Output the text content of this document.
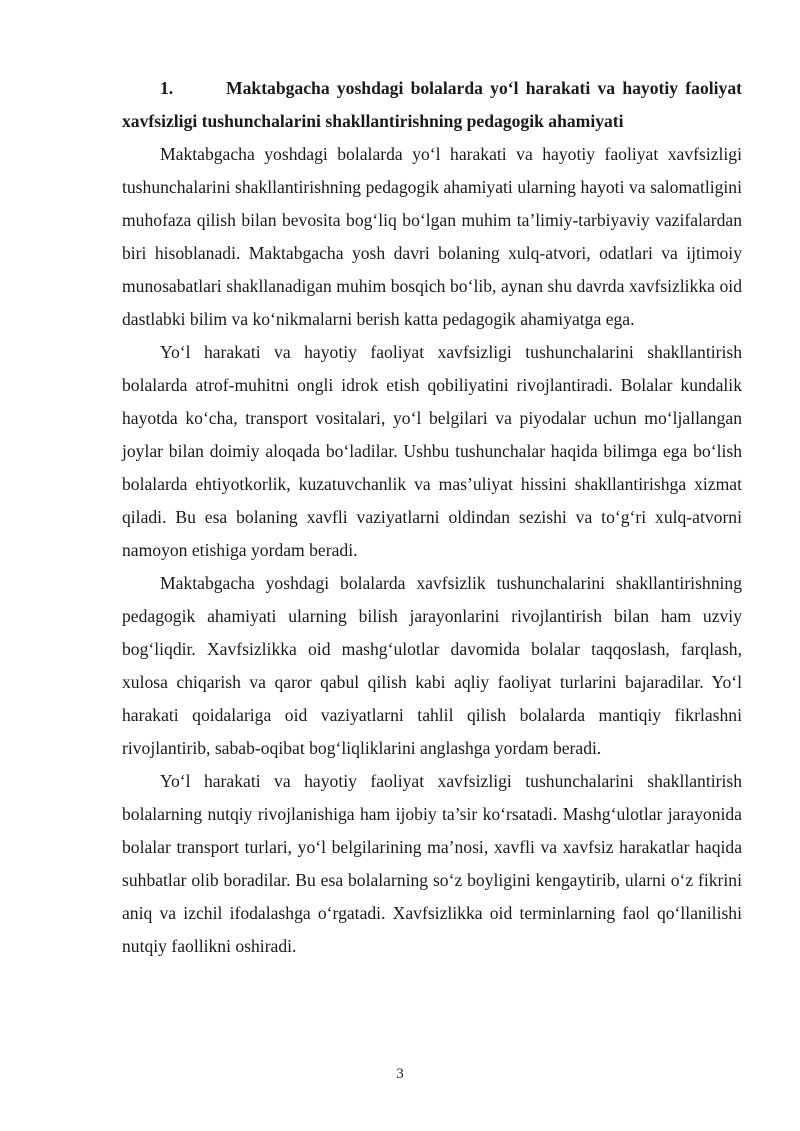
1.	Maktabgacha yoshdagi bolalarda yo‘l harakati va hayotiy faoliyat xavfsizligi tushunchalarini shakllantirishning pedagogik ahamiyati

Maktabgacha yoshdagi bolalarda yo‘l harakati va hayotiy faoliyat xavfsizligi tushunchalarini shakllantirishning pedagogik ahamiyati ularning hayoti va salomatligini muhofaza qilish bilan bevosita bog‘liq bo‘lgan muhim ta’limiy-tarbiyaviy vazifalardan biri hisoblanadi. Maktabgacha yosh davri bolaning xulq-atvori, odatlari va ijtimoiy munosabatlari shakllanadigan muhim bosqich bo‘lib, aynan shu davrda xavfsizlikka oid dastlabki bilim va ko‘nikmalarni berish katta pedagogik ahamiyatga ega.

Yo‘l harakati va hayotiy faoliyat xavfsizligi tushunchalarini shakllantirish bolalarda atrof-muhitni ongli idrok etish qobiliyatini rivojlantiradi. Bolalar kundalik hayotda ko‘cha, transport vositalari, yo‘l belgilari va piyodalar uchun mo‘ljallangan joylar bilan doimiy aloqada bo‘ladilar. Ushbu tushunchalar haqida bilimga ega bo‘lish bolalarda ehtiyotkorlik, kuzatuvchanlik va mas’uliyat hissini shakllantirishga xizmat qiladi. Bu esa bolaning xavfli vaziyatlarni oldindan sezishi va to‘g‘ri xulq-atvorni namoyon etishiga yordam beradi.

Maktabgacha yoshdagi bolalarda xavfsizlik tushunchalarini shakllantirishning pedagogik ahamiyati ularning bilish jarayonlarini rivojlantirish bilan ham uzviy bog‘liqdir. Xavfsizlikka oid mashg‘ulotlar davomida bolalar taqqoslash, farqlash, xulosa chiqarish va qaror qabul qilish kabi aqliy faoliyat turlarini bajaradilar. Yo‘l harakati qoidalariga oid vaziyatlarni tahlil qilish bolalarda mantiqiy fikrlashni rivojlantirib, sabab-oqibat bog‘liqliklarini anglashga yordam beradi.

Yo‘l harakati va hayotiy faoliyat xavfsizligi tushunchalarini shakllantirish bolalarning nutqiy rivojlanishiga ham ijobiy ta’sir ko‘rsatadi. Mashg‘ulotlar jarayonida bolalar transport turlari, yo‘l belgilarining ma’nosi, xavfli va xavfsiz harakatlar haqida suhbatlar olib boradilar. Bu esa bolalarning so‘z boyligini kengaytirib, ularni o‘z fikrini aniq va izchil ifodalashga o‘rgatadi. Xavfsizlikka oid terminlarning faol qo‘llanilishi nutqiy faollikni oshiradi.

3
